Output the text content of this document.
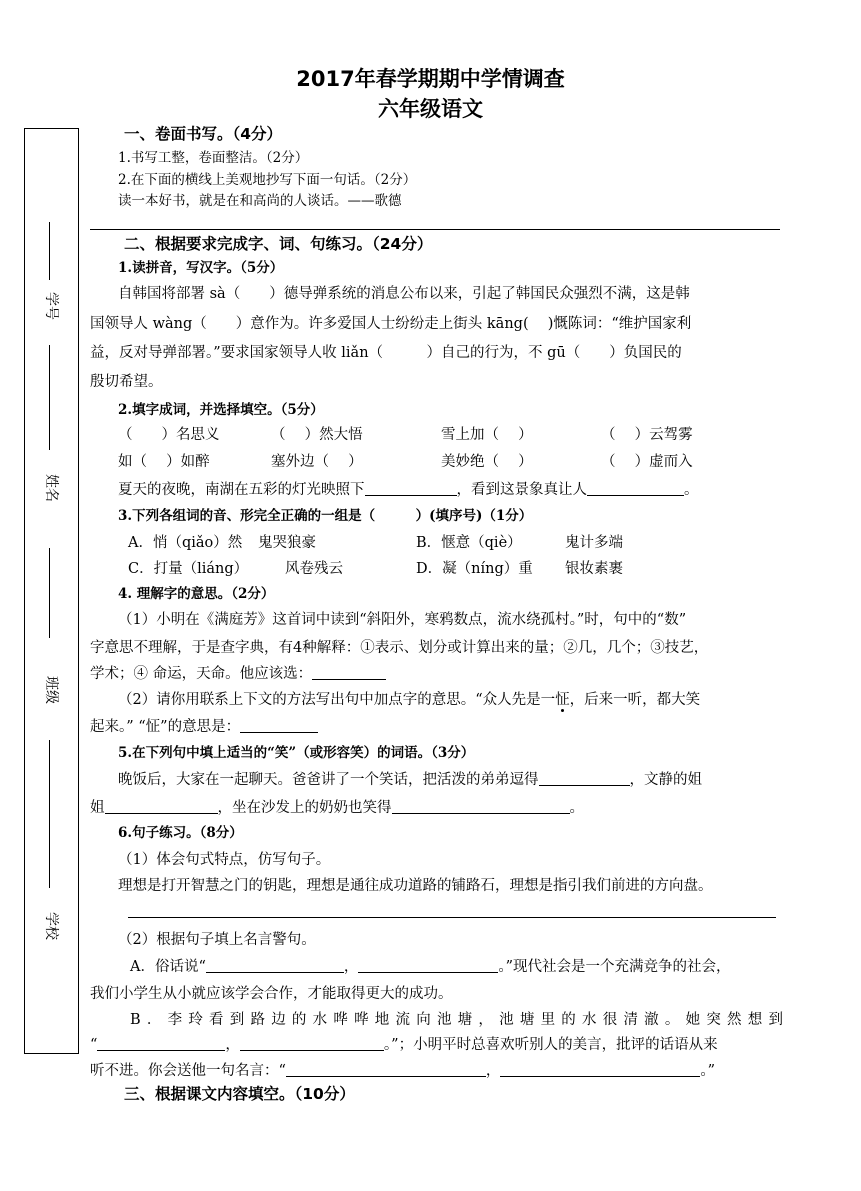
2017年春学期期中学情调查
六年级语文
学号
姓名
班级
学校
一、卷面书写。（4分）
1.书写工整，卷面整洁。（2分）
2.在下面的横线上美观地抄写下面一句话。（2分）
读一本好书，就是在和高尚的人谈话。——歌德
二、根据要求完成字、词、句练习。（24分）
1.读拼音，写汉字。（5分）
自韩国将部署 sà（　　）德导弹系统的消息公布以来，引起了韩国民众强烈不满，这是韩
国领导人 wàng（　　）意作为。许多爱国人士纷纷走上街头 kāng(　 )慨陈词：“维护国家利
益，反对导弹部署。”要求国家领导人收 liǎn（　　　）自己的行为，不 gū（　　）负国民的
殷切希望。
2.填字成词，并选择填空。（5分）
（　　）名思义	（　 ）然大悟	雪上加（　 ）	（　 ）云驾雾
如（　 ）如醉	塞外边（　 ）	美妙绝（　 ）	（　 ）虚而入
夏天的夜晚，南湖在五彩的灯光映照下	，看到这景象真让人	。
3.下列各组词的音、形完全正确的一组是（　　　）(填序号)（1分）
A．悄（qiǎo）然 鬼哭狼豪	B．惬意（qiè）	鬼计多端
C．打量（liáng）	风卷残云	D．凝（níng）重 银妆素裹
4. 理解字的意思。（2分）
（1）小明在《满庭芳》这首词中读到“斜阳外，寒鸦数点，流水绕孤村。”时，句中的“数”
字意思不理解，于是查字典，有4种解释：①表示、划分或计算出来的量；②几，几个；③技艺，
学术；④ 命运，天命。他应该选：
（2）请你用联系上下文的方法写出句中加点字的意思。“众人先是一怔，后来一听，都大笑
起来。” “怔”的意思是：
5.在下列句中填上适当的“笑”（或形容笑）的词语。（3分）
晚饭后，大家在一起聊天。爸爸讲了一个笑话，把活泼的弟弟逗得	，文静的姐
姐	，坐在沙发上的奶奶也笑得	。
6.句子练习。（8分）
（1）体会句式特点，仿写句子。
理想是打开智慧之门的钥匙，理想是通往成功道路的铺路石，理想是指引我们前进的方向盘。
（2）根据句子填上名言警句。
A．俗话说“	，	。”现代社会是一个充满竞争的社会，
我们小学生从小就应该学会合作，才能取得更大的成功。
B．李玲看到路边的水哗哗地流向池塘，池塘里的水很清澈。她突然想到
“	，	。”；小明平时总喜欢听别人的美言，批评的话语从来
听不进。你会送他一句名言：“	，	。”
三、根据课文内容填空。（10分）
